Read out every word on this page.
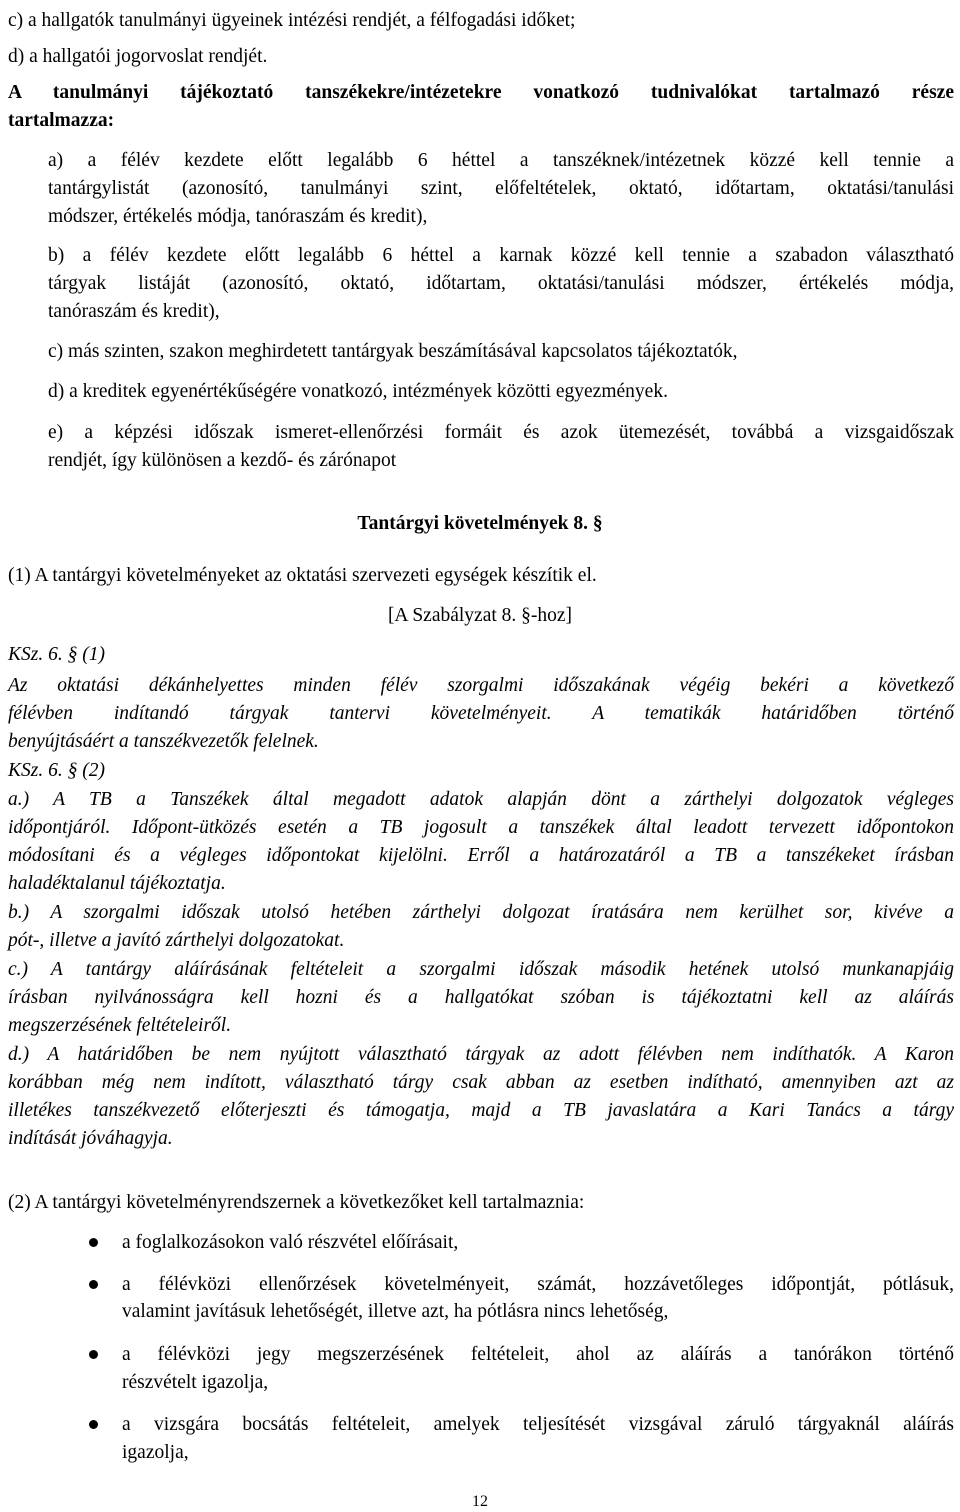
c) a hallgatók tanulmányi ügyeinek intézési rendjét, a félfogadási időket;
d) a hallgatói jogorvoslat rendjét.
A tanulmányi tájékoztató tanszékekre/intézetekre vonatkozó tudnivalókat tartalmazó része
tartalmazza:
a) a félév kezdete előtt legalább 6 héttel a tanszéknek/intézetnek közzé kell tennie a
tantárgylistát (azonosító, tanulmányi szint, előfeltételek, oktató, időtartam, oktatási/tanulási
módszer, értékelés módja, tanóraszám és kredit),
b) a félév kezdete előtt legalább 6 héttel a karnak közzé kell tennie a szabadon választható
tárgyak listáját (azonosító, oktató, időtartam, oktatási/tanulási módszer, értékelés módja,
tanóraszám és kredit),
c) más szinten, szakon meghirdetett tantárgyak beszámításával kapcsolatos tájékoztatók,
d) a kreditek egyenértékűségére vonatkozó, intézmények közötti egyezmények.
e) a képzési időszak ismeret-ellenőrzési formáit és azok ütemezését, továbbá a vizsgaidőszak
rendjét, így különösen a kezdő- és zárónapot
Tantárgyi követelmények 8. §
(1) A tantárgyi követelményeket az oktatási szervezeti egységek készítik el.
[A Szabályzat 8. §-hoz]
KSz. 6. § (1)
Az oktatási dékánhelyettes minden félév szorgalmi időszakának végéig bekéri a következő
félévben indítandó tárgyak tantervi követelményeit. A tematikák határidőben történő
benyújtásáért a tanszékvezetők felelnek.
KSz. 6. § (2)
a.) A TB a Tanszékek által megadott adatok alapján dönt a zárthelyi dolgozatok végleges
időpontjáról. Időpont-ütközés esetén a TB jogosult a tanszékek által leadott tervezett időpontokon
módosítani és a végleges időpontokat kijelölni. Erről a határozatáról a TB a tanszékeket írásban
haladéktalanul tájékoztatja.
b.) A szorgalmi időszak utolsó hetében zárthelyi dolgozat íratására nem kerülhet sor, kivéve a
pót-, illetve a javító zárthelyi dolgozatokat.
c.) A tantárgy aláírásának feltételeit a szorgalmi időszak második hetének utolsó munkanapjáig
írásban nyilvánosságra kell hozni és a hallgatókat szóban is tájékoztatni kell az aláírás
megszerzésének feltételeiről.
d.) A határidőben be nem nyújtott választható tárgyak az adott félévben nem indíthatók. A Karon
korábban még nem indított, választható tárgy csak abban az esetben indítható, amennyiben azt az
illetékes tanszékvezető előterjeszti és támogatja, majd a TB javaslatára a Kari Tanács a tárgy
indítását jóváhagyja.
(2) A tantárgyi követelményrendszernek a következőket kell tartalmaznia:
a foglalkozásokon való részvétel előírásait,
a félévközi ellenőrzések követelményeit, számát, hozzávetőleges időpontját, pótlásuk,
valamint javításuk lehetőségét, illetve azt, ha pótlásra nincs lehetőség,
a félévközi jegy megszerzésének feltételeit, ahol az aláírás a tanórákon történő
részvételt igazolja,
a vizsgára bocsátás feltételeit, amelyek teljesítését vizsgával záruló tárgyaknál aláírás
igazolja,
12
